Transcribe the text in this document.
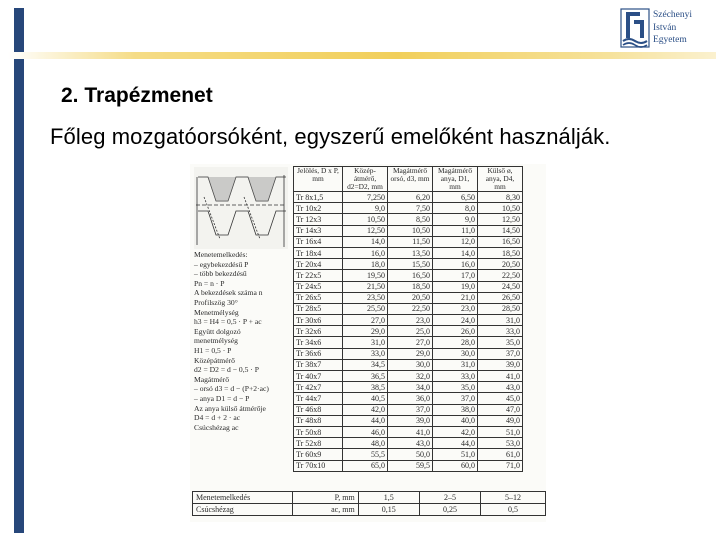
Széchenyi
István
Egyetem
2. Trapézmenet
Főleg mozgatóorsóként, egyszerű emelőként használják.
Menetemelkedés:
– egybekezdésű P
– több bekezdésű
Pn = n · P
A bekezdések száma n
Profilszög 30°
Menetmélység
h3 = H4 = 0,5 · P + ac
Együtt dolgozó
menetmélység
H1 = 0,5 · P
Középátmérő
d2 = D2 = d − 0,5 · P
Magátmérő
– orsó d3 = d − (P+2·ac)
– anya D1 = d − P
Az anya külső átmérője
D4 = d + 2 · ac
Csúcshézag ac
Jelölés, D x P, mm	Közép-átmérő, d2=D2, mm	Magátmérő orsó, d3, mm	Magátmérő anya, D1, mm	Külső ø, anya, D4, mm
Tr 8x1,5	7,250	6,20	6,50	8,30
Tr 10x2	9,0	7,50	8,0	10,50
Tr 12x3	10,50	8,50	9,0	12,50
Tr 14x3	12,50	10,50	11,0	14,50
Tr 16x4	14,0	11,50	12,0	16,50
Tr 18x4	16,0	13,50	14,0	18,50
Tr 20x4	18,0	15,50	16,0	20,50
Tr 22x5	19,50	16,50	17,0	22,50
Tr 24x5	21,50	18,50	19,0	24,50
Tr 26x5	23,50	20,50	21,0	26,50
Tr 28x5	25,50	22,50	23,0	28,50
Tr 30x6	27,0	23,0	24,0	31,0
Tr 32x6	29,0	25,0	26,0	33,0
Tr 34x6	31,0	27,0	28,0	35,0
Tr 36x6	33,0	29,0	30,0	37,0
Tr 38x7	34,5	30,0	31,0	39,0
Tr 40x7	36,5	32,0	33,0	41,0
Tr 42x7	38,5	34,0	35,0	43,0
Tr 44x7	40,5	36,0	37,0	45,0
Tr 46x8	42,0	37,0	38,0	47,0
Tr 48x8	44,0	39,0	40,0	49,0
Tr 50x8	46,0	41,0	42,0	51,0
Tr 52x8	48,0	43,0	44,0	53,0
Tr 60x9	55,5	50,0	51,0	61,0
Tr 70x10	65,0	59,5	60,0	71,0
Menetemelkedés	P, mm	1,5	2–5	5–12
Csúcshézag	ac, mm	0,15	0,25	0,5
